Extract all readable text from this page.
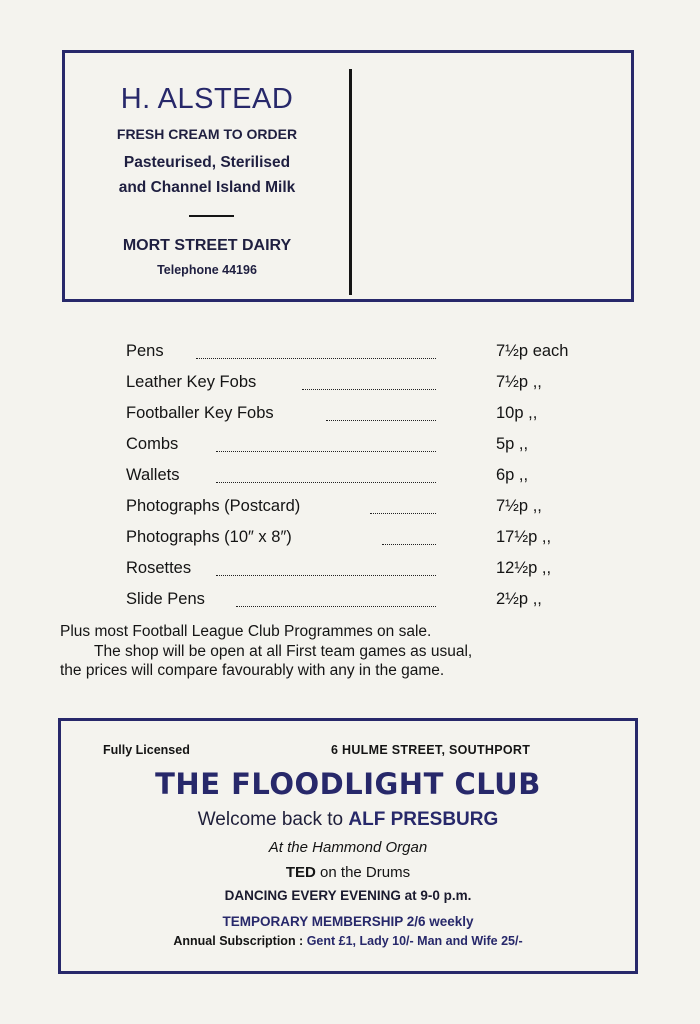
H. ALSTEAD
FRESH CREAM TO ORDER
Pasteurised, Sterilised
and Channel Island Milk
MORT STREET DAIRY
Telephone 44196
Pens	7½p each
Leather Key Fobs	7½p ,,
Footballer Key Fobs	10p ,,
Combs	5p ,,
Wallets	6p ,,
Photographs (Postcard)	7½p ,,
Photographs (10″ x 8″)	17½p ,,
Rosettes	12½p ,,
Slide Pens	2½p ,,
Plus most Football League Club Programmes on sale.
The shop will be open at all First team games as usual,
the prices will compare favourably with any in the game.
Fully Licensed	6 HULME STREET, SOUTHPORT
THE FLOODLIGHT CLUB
Welcome back to ALF PRESBURG
At the Hammond Organ
TED on the Drums
DANCING EVERY EVENING at 9-0 p.m.
TEMPORARY MEMBERSHIP 2/6 weekly
Annual Subscription : Gent £1, Lady 10/- Man and Wife 25/-
